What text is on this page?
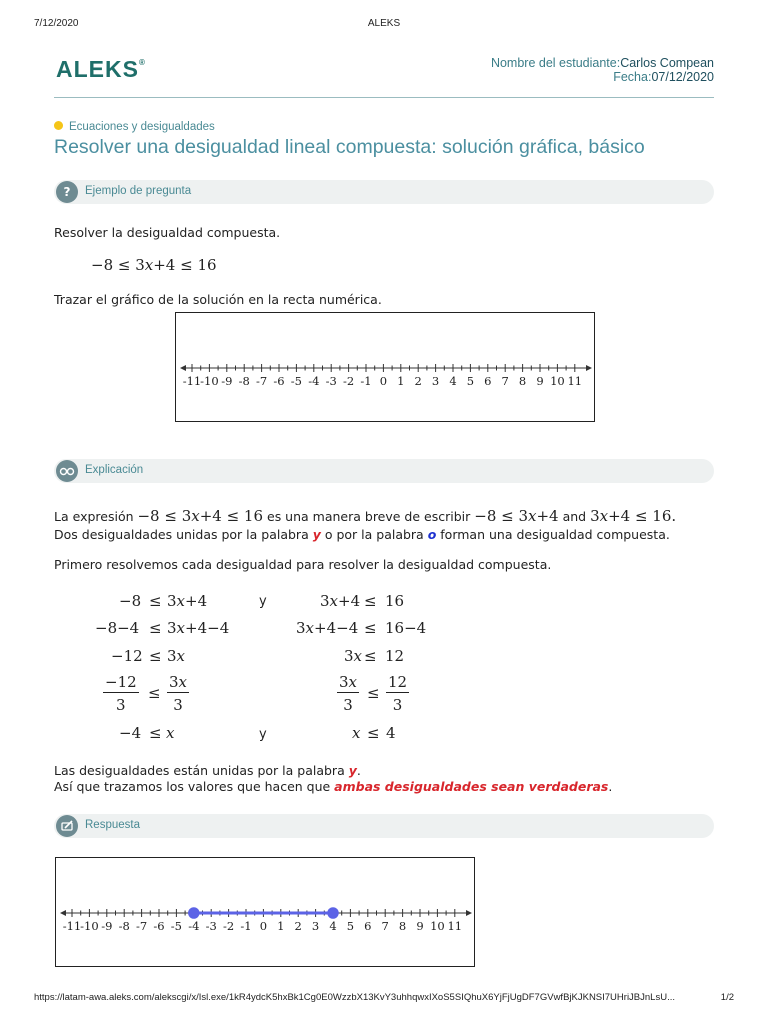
7/12/2020	ALEKS
ALEKS®	Nombre del estudiante:Carlos Compean
Fecha:07/12/2020
Ecuaciones y desigualdades
Resolver una desigualdad lineal compuesta: solución gráfica, básico
?	Ejemplo de pregunta
Resolver la desigualdad compuesta.
−8 ≤ 3x+4 ≤ 16
Trazar el gráfico de la solución en la recta numérica.
-11
-10 -9 -8 -7 -6 -5 -4 -3 -2 -1 0 1 2 3 4 5 6 7 8 9 10 11
Explicación
La expresión −8 ≤ 3x+4 ≤ 16 es una manera breve de escribir −8 ≤ 3x+4 and 3x+4 ≤ 16.
Dos desigualdades unidas por la palabra y o por la palabra o forman una desigualdad compuesta.
Primero resolvemos cada desigualdad para resolver la desigualdad compuesta.
−8 ≤ 3x+4	y	3x+4 ≤ 16
−8−4 ≤ 3x+4−4	3x+4−4 ≤ 16−4
−12 ≤ 3x	3x ≤ 12
$\frac{-12}{3} \le \frac{3x}{3}$	$\frac{3x}{3} \le \frac{12}{3}$
−4 ≤ x	y	x ≤ 4
Las desigualdades están unidas por la palabra y.
Así que trazamos los valores que hacen que ambas desigualdades sean verdaderas.
Respuesta
-11
-10 -9 -8 -7 -6 -5 -4 -3 -2 -1 0 1 2 3 4 5 6 7 8 9 10 11
https://latam-awa.aleks.com/alekscgi/x/Isl.exe/1kR4ydcK5hxBk1Cg0E0WzzbX13KvY3uhhqwxIXoS5SIQhuX6YjFjUgDF7GVwfBjKJKNSI7UHriJBJnLsU...	1/2
